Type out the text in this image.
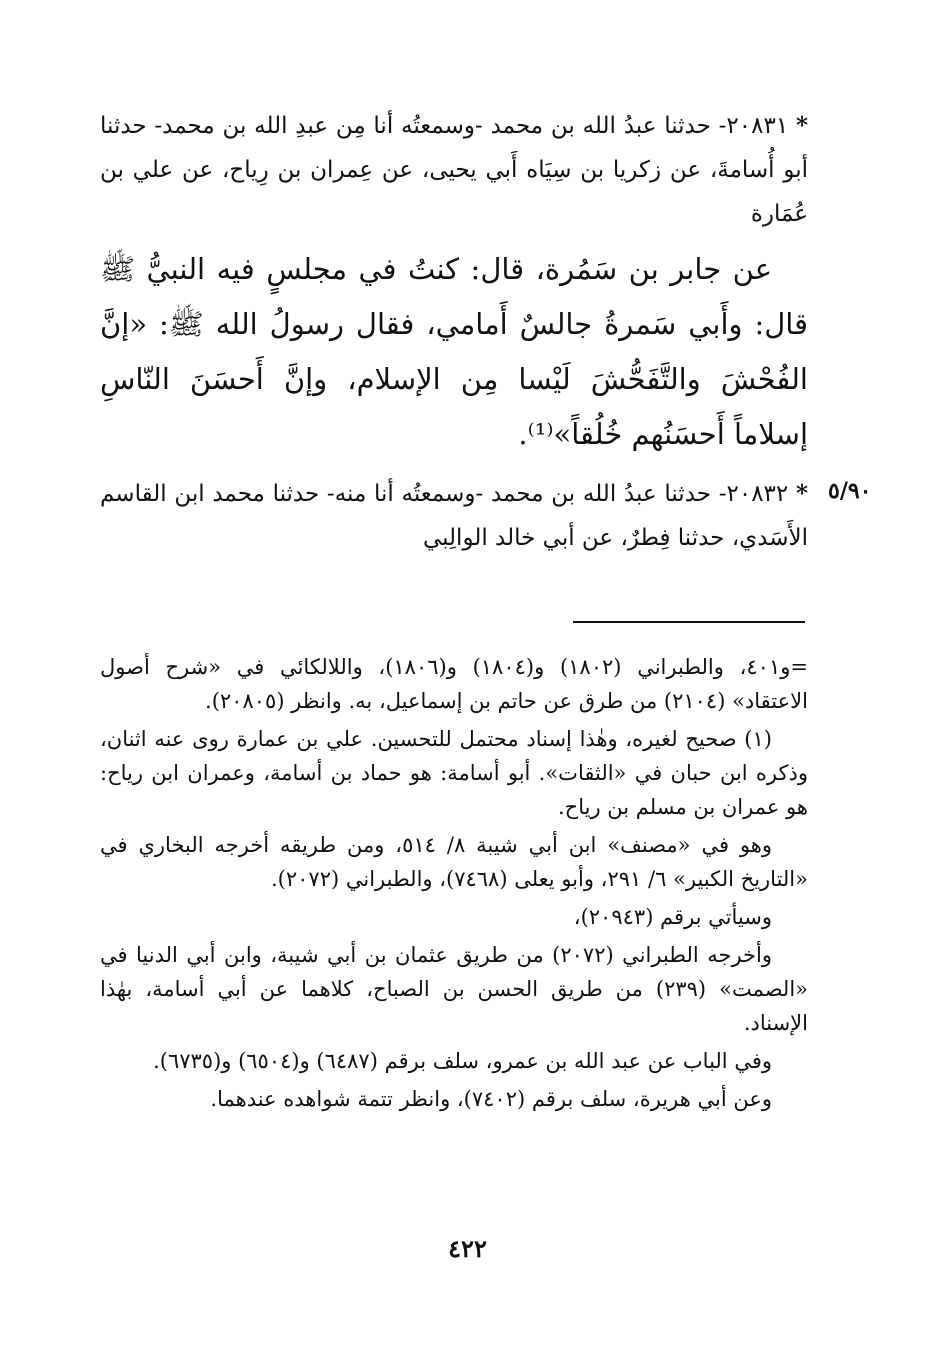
* ٢٠٨٣١- حدثنا عبدُ الله بن محمد -وسمعتُه أنا مِن عبدِ الله بن محمد- حدثنا أبو أُسامةَ، عن زكريا بن سِيَاه أَبي يحيى، عن عِمران بن رِياح، عن علي بن عُمَارة

عن جابر بن سَمُرة، قال: كنتُ في مجلسٍ فيه النبيُّ ﷺ قال: وأَبي سَمرةُ جالسٌ أَمامي، فقال رسولُ الله ﷺ: «إنَّ الفُحْشَ والتَّفَحُّشَ لَيْسا مِن الإسلام، وإنَّ أَحسَنَ النّاسِ إسلاماً أَحسَنُهم خُلُقاً»⁽¹⁾.

٥/٩٠

* ٢٠٨٣٢- حدثنا عبدُ الله بن محمد -وسمعتُه أنا منه- حدثنا محمد ابن القاسم الأَسَدي، حدثنا فِطرٌ، عن أبي خالد الوالِبي

=و٤٠١، والطبراني (١٨٠٢) و(١٨٠٤) و(١٨٠٦)، واللالكائي في «شرح أصول الاعتقاد» (٢١٠٤) من طرق عن حاتم بن إسماعيل، به. وانظر (٢٠٨٠٥).

(١) صحيح لغيره، وهٰذا إسناد محتمل للتحسين. علي بن عمارة روى عنه اثنان، وذكره ابن حبان في «الثقات». أبو أسامة: هو حماد بن أسامة، وعمران ابن رياح: هو عمران بن مسلم بن رياح.

وهو في «مصنف» ابن أبي شيبة ٨/ ٥١٤، ومن طريقه أخرجه البخاري في «التاريخ الكبير» ٦/ ٢٩١، وأبو يعلى (٧٤٦٨)، والطبراني (٢٠٧٢).

وسيأتي برقم (٢٠٩٤٣)،

وأخرجه الطبراني (٢٠٧٢) من طريق عثمان بن أبي شيبة، وابن أبي الدنيا في «الصمت» (٢٣٩) من طريق الحسن بن الصباح، كلاهما عن أبي أسامة، بهٰذا الإسناد.

وفي الباب عن عبد الله بن عمرو، سلف برقم (٦٤٨٧) و(٦٥٠٤) و(٦٧٣٥).

وعن أبي هريرة، سلف برقم (٧٤٠٢)، وانظر تتمة شواهده عندهما.

٤٢٢
